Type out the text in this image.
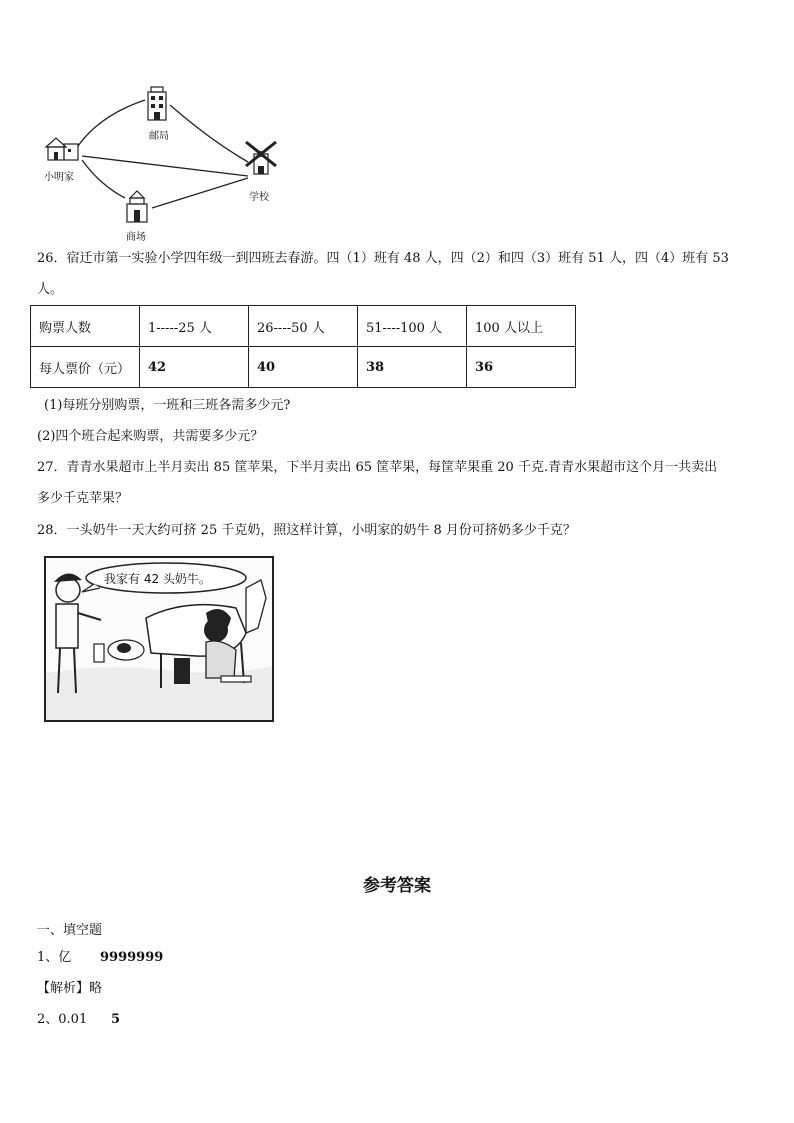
小明家
邮局
学校
商场
26．宿迁市第一实验小学四年级一到四班去春游。四（1）班有 48 人，四（2）和四（3）班有 51 人，四（4）班有 53
人。
购票人数	1-----25 人	26----50 人	51----100 人	100 人以上
每人票价（元）	42	40	38	36
(1)每班分别购票，一班和三班各需多少元?
(2)四个班合起来购票，共需要多少元？
27．青青水果超市上半月卖出 85 筐苹果，下半月卖出 65 筐苹果，每筐苹果重 20 千克.青青水果超市这个月一共卖出
多少千克苹果？
28．一头奶牛一天大约可挤 25 千克奶，照这样计算，小明家的奶牛 8 月份可挤奶多少千克？
我家有 42 头奶牛。
参考答案
一、填空题
1、亿 9999999
【解析】略
2、0.01 5
